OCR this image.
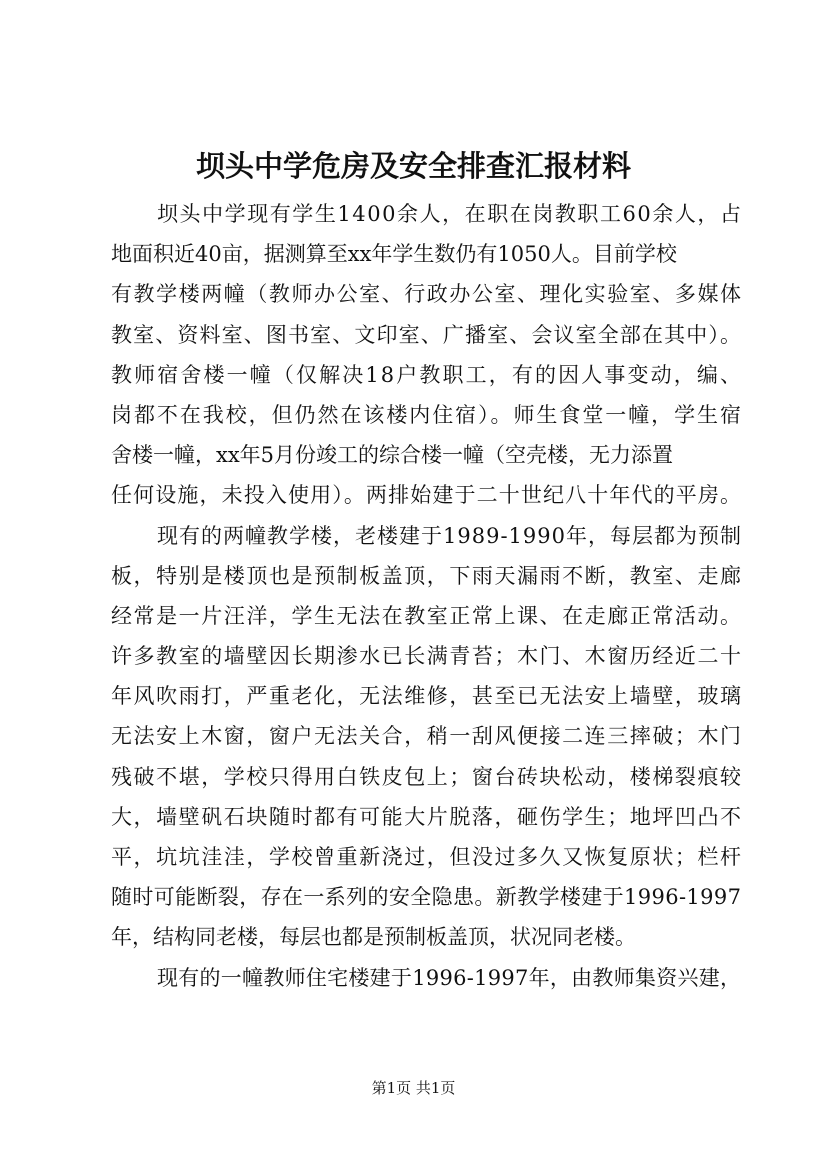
坝头中学危房及安全排查汇报材料
坝头中学现有学生1400余人，在职在岗教职工60余人，占
地面积近40亩，据测算至xx年学生数仍有1050人。目前学校
有教学楼两幢（教师办公室、行政办公室、理化实验室、多媒体
教室、资料室、图书室、文印室、广播室、会议室全部在其中）。
教师宿舍楼一幢（仅解决18户教职工，有的因人事变动，编、
岗都不在我校，但仍然在该楼内住宿）。师生食堂一幢，学生宿
舍楼一幢，xx年5月份竣工的综合楼一幢（空壳楼，无力添置
任何设施，未投入使用）。两排始建于二十世纪八十年代的平房。
现有的两幢教学楼，老楼建于1989-1990年，每层都为预制
板，特别是楼顶也是预制板盖顶，下雨天漏雨不断，教室、走廊
经常是一片汪洋，学生无法在教室正常上课、在走廊正常活动。
许多教室的墙壁因长期渗水已长满青苔；木门、木窗历经近二十
年风吹雨打，严重老化，无法维修，甚至已无法安上墙壁，玻璃
无法安上木窗，窗户无法关合，稍一刮风便接二连三摔破；木门
残破不堪，学校只得用白铁皮包上；窗台砖块松动，楼梯裂痕较
大，墙壁矾石块随时都有可能大片脱落，砸伤学生；地坪凹凸不
平，坑坑洼洼，学校曾重新浇过，但没过多久又恢复原状；栏杆
随时可能断裂，存在一系列的安全隐患。新教学楼建于1996-1997
年，结构同老楼，每层也都是预制板盖顶，状况同老楼。
现有的一幢教师住宅楼建于1996-1997年，由教师集资兴建，
第1页 共1页
